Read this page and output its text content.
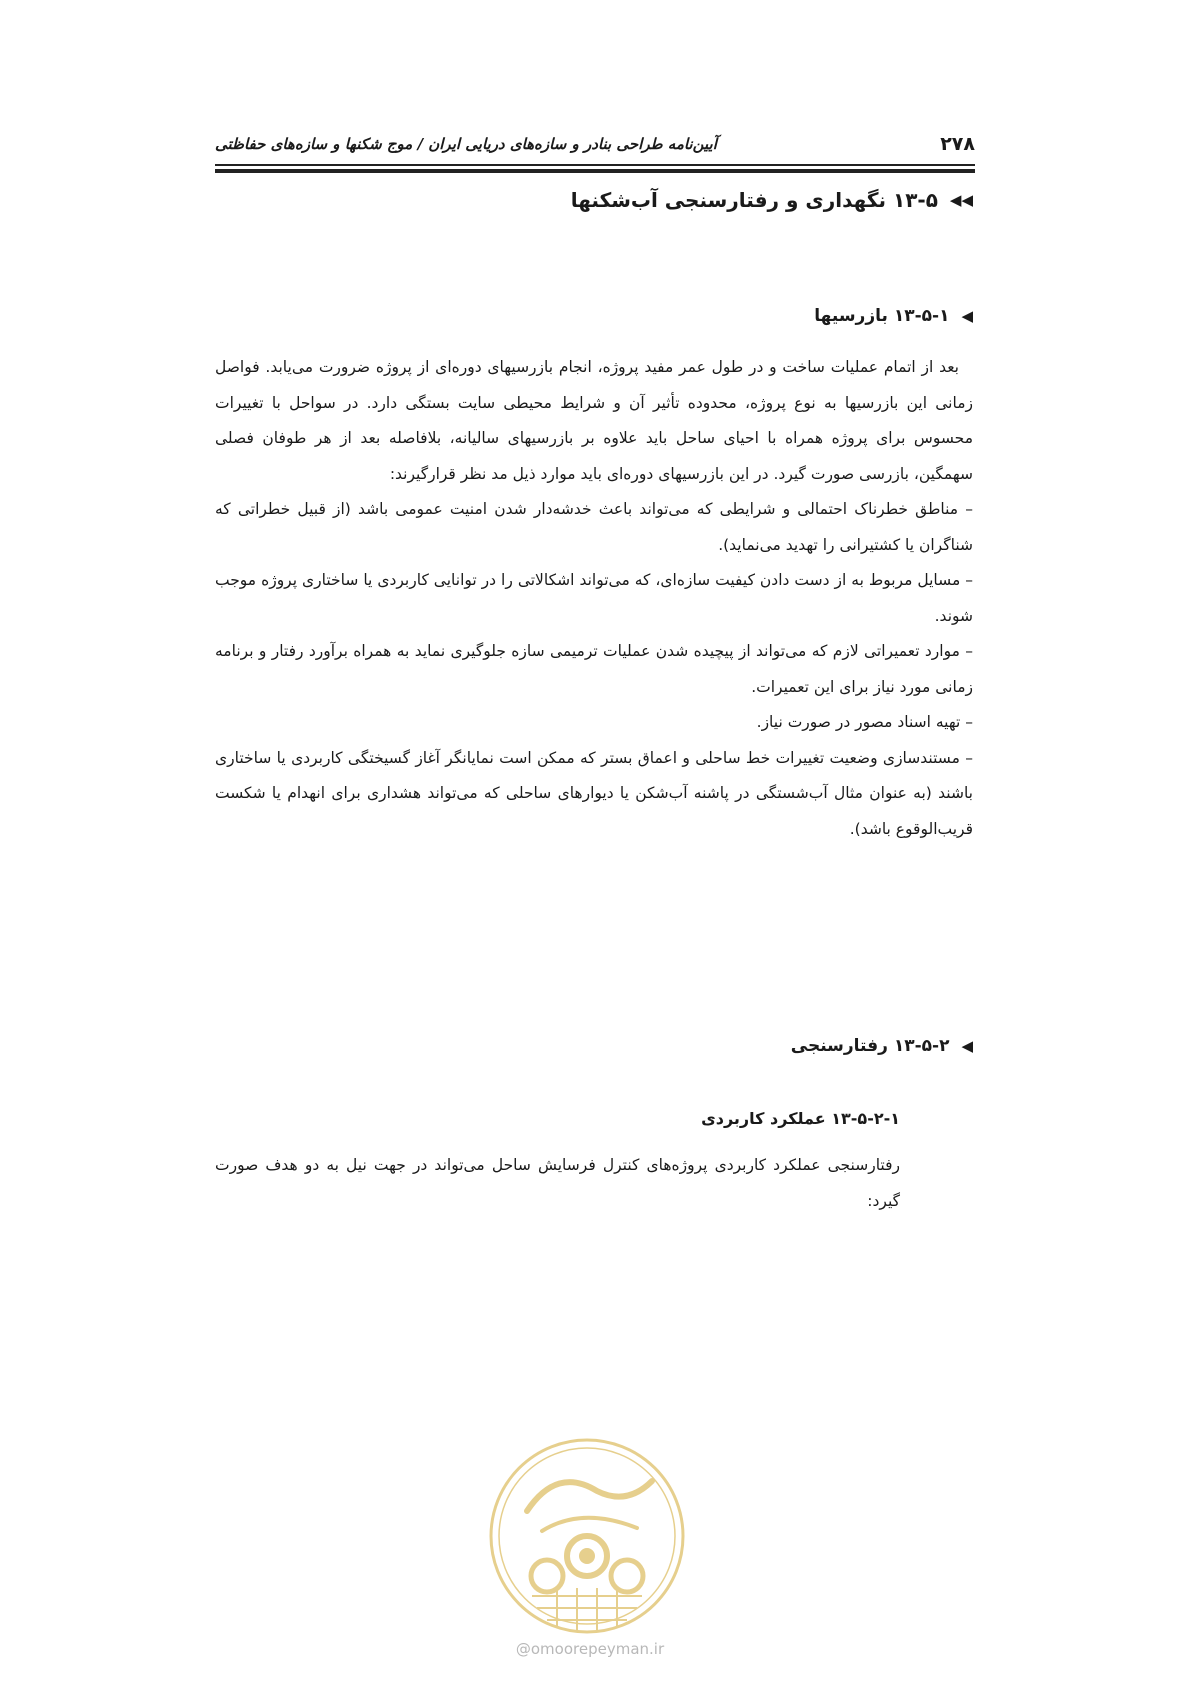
۲۷۸
آیین‌نامه طراحی بنادر و سازه‌های دریایی ایران / موج شکنها و سازه‌های حفاظتی
◀◀
۱۳-۵ نگهداری و رفتارسنجی آب‌شکنها
◀
۱۳-۵-۱ بازرسیها

بعد از اتمام عملیات ساخت و در طول عمر مفید پروژه، انجام بازرسیهای دوره‌ای از پروژه ضرورت می‌یابد. فواصل زمانی این بازرسیها به نوع پروژه، محدوده تأثیر آن و شرایط محیطی سایت بستگی دارد. در سواحل با تغییرات محسوس برای پروژه همراه با احیای ساحل باید علاوه بر بازرسیهای سالیانه، بلافاصله بعد از هر طوفان فصلی سهمگین، بازرسی صورت گیرد. در این بازرسیهای دوره‌ای باید موارد ذیل مد نظر قرارگیرند:

– مناطق خطرناک احتمالی و شرایطی که می‌تواند باعث خدشه‌دار شدن امنیت عمومی باشد (از قبیل خطراتی که شناگران یا کشتیرانی را تهدید می‌نماید).
– مسایل مربوط به از دست دادن کیفیت سازه‌ای، که می‌تواند اشکالاتی را در توانایی کاربردی یا ساختاری پروژه موجب شوند.
– موارد تعمیراتی لازم که می‌تواند از پیچیده شدن عملیات ترمیمی سازه جلوگیری نماید به همراه برآورد رفتار و برنامه زمانی مورد نیاز برای این تعمیرات.
– تهیه اسناد مصور در صورت نیاز.
– مستندسازی وضعیت تغییرات خط ساحلی و اعماق بستر که ممکن است نمایانگر آغاز گسیختگی کاربردی یا ساختاری باشند (به عنوان مثال آب‌شستگی در پاشنه آب‌شکن یا دیوارهای ساحلی که می‌تواند هشداری برای انهدام یا شکست قریب‌الوقوع باشد).
◀
۱۳-۵-۲ رفتارسنجی
۱۳-۵-۲-۱ عملکرد کاربردی

رفتارسنجی عملکرد کاربردی پروژه‌های کنترل فرسایش ساحل می‌تواند در جهت نیل به دو هدف صورت گیرد:

@omoorepeyman.ir
